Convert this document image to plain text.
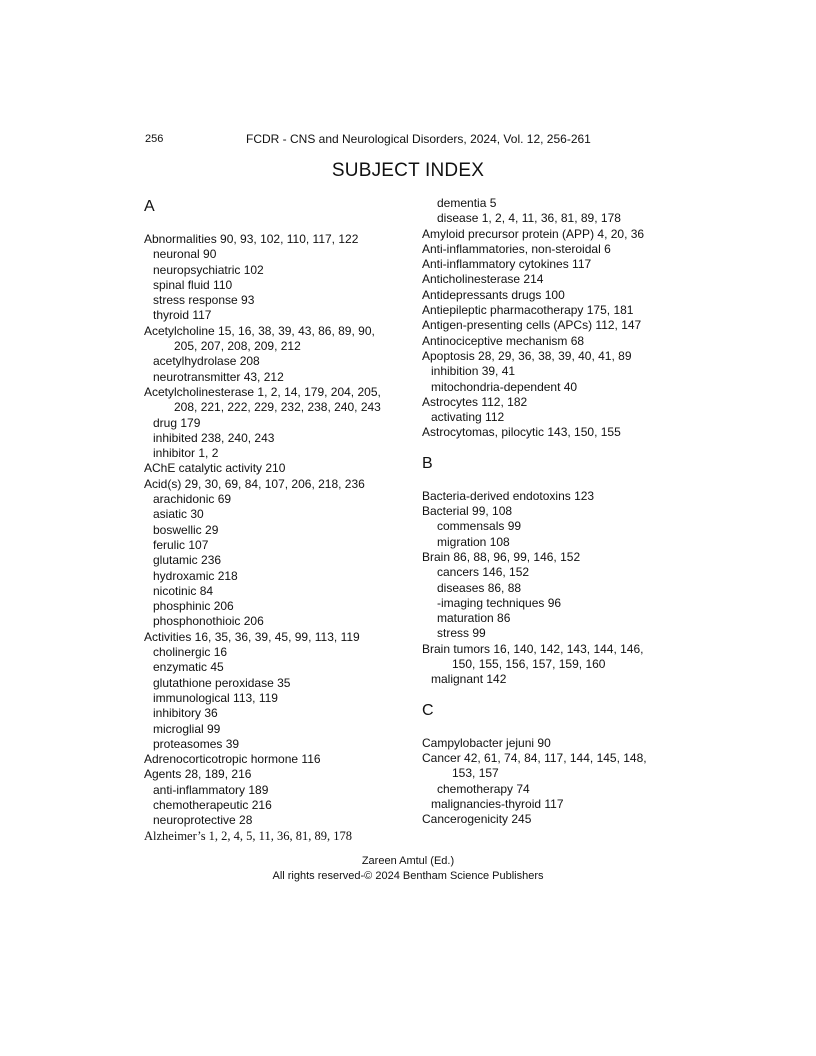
256	FCDR - CNS and Neurological Disorders, 2024, Vol. 12, 256-261
SUBJECT INDEX
A
Abnormalities 90, 93, 102, 110, 117, 122
neuronal 90
neuropsychiatric 102
spinal fluid 110
stress response 93
thyroid 117
Acetylcholine 15, 16, 38, 39, 43, 86, 89, 90,
205, 207, 208, 209, 212
acetylhydrolase 208
neurotransmitter 43, 212
Acetylcholinesterase 1, 2, 14, 179, 204, 205,
208, 221, 222, 229, 232, 238, 240, 243
drug 179
inhibited 238, 240, 243
inhibitor 1, 2
AChE catalytic activity 210
Acid(s) 29, 30, 69, 84, 107, 206, 218, 236
arachidonic 69
asiatic 30
boswellic 29
ferulic 107
glutamic 236
hydroxamic 218
nicotinic 84
phosphinic 206
phosphonothioic 206
Activities 16, 35, 36, 39, 45, 99, 113, 119
cholinergic 16
enzymatic 45
glutathione peroxidase 35
immunological 113, 119
inhibitory 36
microglial 99
proteasomes 39
Adrenocorticotropic hormone 116
Agents 28, 189, 216
anti-inflammatory 189
chemotherapeutic 216
neuroprotective 28
Alzheimer’s 1, 2, 4, 5, 11, 36, 81, 89, 178
dementia 5
disease 1, 2, 4, 11, 36, 81, 89, 178
Amyloid precursor protein (APP) 4, 20, 36
Anti-inflammatories, non-steroidal 6
Anti-inflammatory cytokines 117
Anticholinesterase 214
Antidepressants drugs 100
Antiepileptic pharmacotherapy 175, 181
Antigen-presenting cells (APCs) 112, 147
Antinociceptive mechanism 68
Apoptosis 28, 29, 36, 38, 39, 40, 41, 89
inhibition 39, 41
mitochondria-dependent 40
Astrocytes 112, 182
activating 112
Astrocytomas, pilocytic 143, 150, 155
B
Bacteria-derived endotoxins 123
Bacterial 99, 108
commensals 99
migration 108
Brain 86, 88, 96, 99, 146, 152
cancers 146, 152
diseases 86, 88
-imaging techniques 96
maturation 86
stress 99
Brain tumors 16, 140, 142, 143, 144, 146,
150, 155, 156, 157, 159, 160
malignant 142
C
Campylobacter jejuni 90
Cancer 42, 61, 74, 84, 117, 144, 145, 148,
153, 157
chemotherapy 74
malignancies-thyroid 117
Cancerogenicity 245
Zareen Amtul (Ed.)
All rights reserved-© 2024 Bentham Science Publishers
